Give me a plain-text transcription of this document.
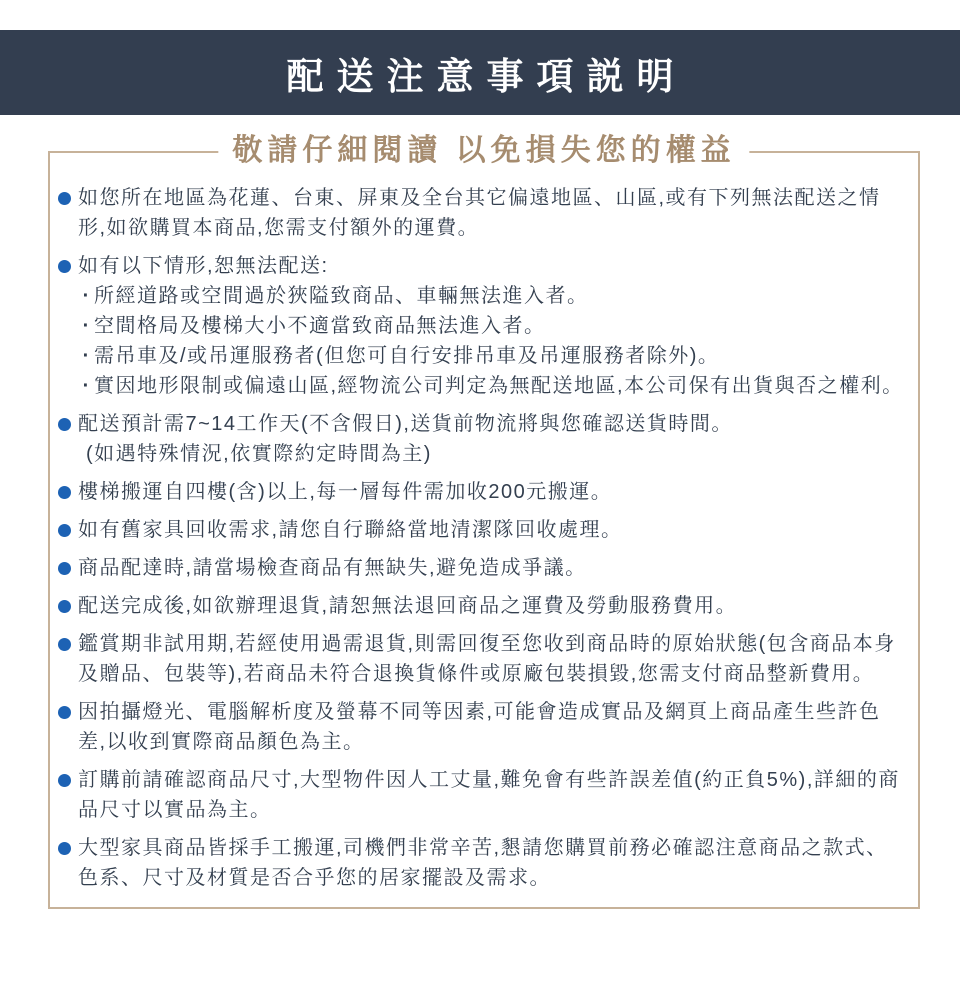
配送注意事項説明
敬請仔細閱讀 以免損失您的權益

如您所在地區為花蓮、台東、屏東及全台其它偏遠地區、山區,或有下列無法配送之情形,如欲購買本商品,您需支付額外的運費。

如有以下情形,恕無法配送:

· 所經道路或空間過於狹隘致商品、車輛無法進入者。

· 空間格局及樓梯大小不適當致商品無法進入者。

· 需吊車及/或吊運服務者(但您可自行安排吊車及吊運服務者除外)。

· 實因地形限制或偏遠山區,經物流公司判定為無配送地區,本公司保有出貨與否之權利。

配送預計需7~14工作天(不含假日),送貨前物流將與您確認送貨時間。

(如遇特殊情況,依實際約定時間為主)

樓梯搬運自四樓(含)以上,每一層每件需加收200元搬運。

如有舊家具回收需求,請您自行聯絡當地清潔隊回收處理。

商品配達時,請當場檢查商品有無缺失,避免造成爭議。

配送完成後,如欲辦理退貨,請恕無法退回商品之運費及勞動服務費用。

鑑賞期非試用期,若經使用過需退貨,則需回復至您收到商品時的原始狀態(包含商品本身及贈品、包裝等),若商品未符合退換貨條件或原廠包裝損毀,您需支付商品整新費用。

因拍攝燈光、電腦解析度及螢幕不同等因素,可能會造成實品及網頁上商品產生些許色差,以收到實際商品顏色為主。

訂購前請確認商品尺寸,大型物件因人工丈量,難免會有些許誤差值(約正負5%),詳細的商品尺寸以實品為主。

大型家具商品皆採手工搬運,司機們非常辛苦,懇請您購買前務必確認注意商品之款式、色系、尺寸及材質是否合乎您的居家擺設及需求。
